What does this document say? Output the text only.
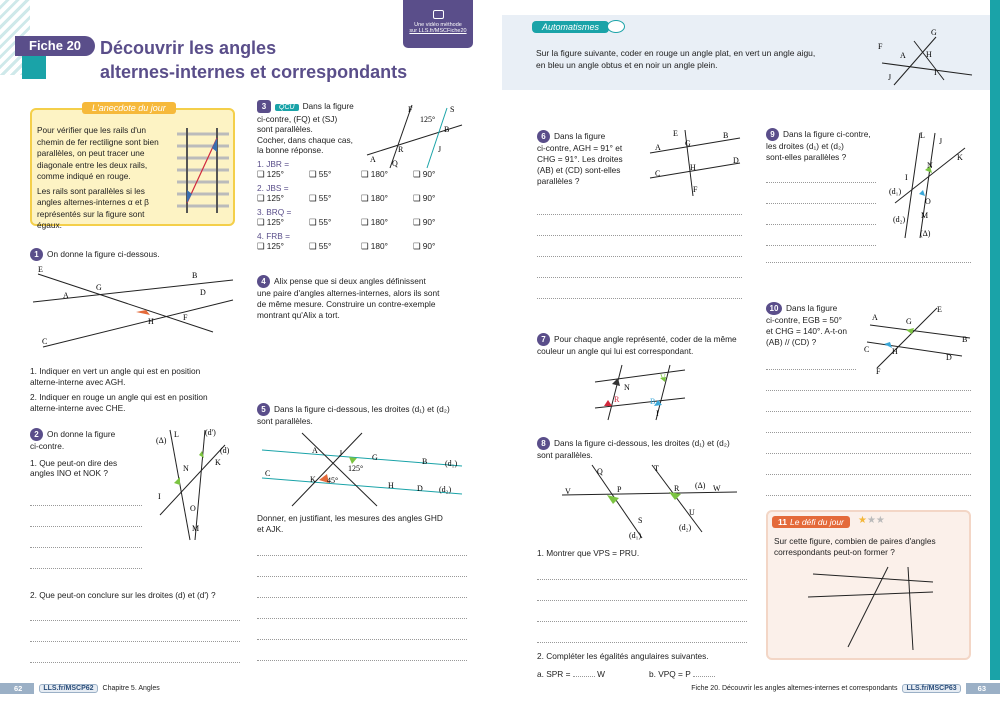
Fiche 20	Découvrir les angles
alternes-internes et correspondants
Une vidéo méthode
sur LLS.fr/MSCFiche20	Automatismes
Sur la figure suivante, coder en rouge un angle plat, en vert un angle aigu,
en bleu un angle obtus et en noir un angle plein.
F
A
G
H
J
I
L'anecdote du jour
Pour vérifier que les rails d'un
chemin de fer rectiligne sont bien
parallèles, on peut tracer une
diagonale entre les deux rails,
comme indiqué en rouge.
Les rails sont parallèles si les
angles alternes-internes α et β
représentés sur la figure sont
égaux.
1 On donne la figure ci-dessous.
E
A
G
B
D
H	F
C
1. Indiquer en vert un angle qui est en position
alterne-interne avec AGH.
2. Indiquer en rouge un angle qui est en position
alterne-interne avec CHE.
2 On donne la figure
ci-contre.
1. Que peut-on dire des
angles INO et NOK ?
(Δ)
L	(d')
(d)
K
N
I
O
M
2. Que peut-on conclure sur les droites (d) et (d') ?
3 QCU Dans la figure
ci-contre, (FQ) et (SJ)
sont parallèles.
Cocher, dans chaque cas,
la bonne réponse.
1. JBR =
❑ 125°	❑ 55°	❑ 180°	❑ 90°
2. JBS =
❑ 125°	❑ 55°	❑ 180°	❑ 90°
3. BRQ =
❑ 125°	❑ 55°	❑ 180°	❑ 90°
4. FRB =
❑ 125°	❑ 55°	❑ 180°	❑ 90°
125°
F	S
B
R
A Q
J
4 Alix pense que si deux angles définissent
une paire d'angles alternes-internes, alors ils sont
de même mesure. Construire un contre-exemple
montrant qu'Alix a tort.
5 Dans la figure ci-dessous, les droites (d₁) et (d₂)
sont parallèles.
A	J	G	B (d₁)
C
K 45°
125°
H	D (d₂)
Donner, en justifiant, les mesures des angles GHD
et AJK.
6 Dans la figure
ci-contre, AGH = 91° et
CHG = 91°. Les droites
(AB) et (CD) sont-elles
parallèles ?
A
E
G
B
H
D
C
F
7 Pour chaque angle représenté, coder de la même
couleur un angle qui lui est correspondant.
N
R
V
B
I
8 Dans la figure ci-dessous, les droites (d₁) et (d₂)
sont parallèles.
V
Q
P
T
R (Δ) W
U
S
(d₁)
(d₂)
1. Montrer que VPS = PRU.
2. Compléter les égalités angulaires suivantes.
a. SPR =	W	b. VPQ = P
9 Dans la figure ci-contre,
les droites (d₁) et (d₂)
sont-elles parallèles ?
L
J
K
N
I
(d₁)
O
(d₂) M
(Δ)
10 Dans la figure
ci-contre, EGB = 50°
et CHG = 140°. A-t-on
(AB) // (CD) ?
A	G
E
B
C	H
D
F
11 Le défi du jour	★★★
Sur cette figure, combien de paires d'angles
correspondants peut-on former ?
62	LLS.fr/MSCP62	Chapitre 5. Angles	Fiche 20. Découvrir les angles alternes-internes et correspondants	LLS.fr/MSCP63	63
